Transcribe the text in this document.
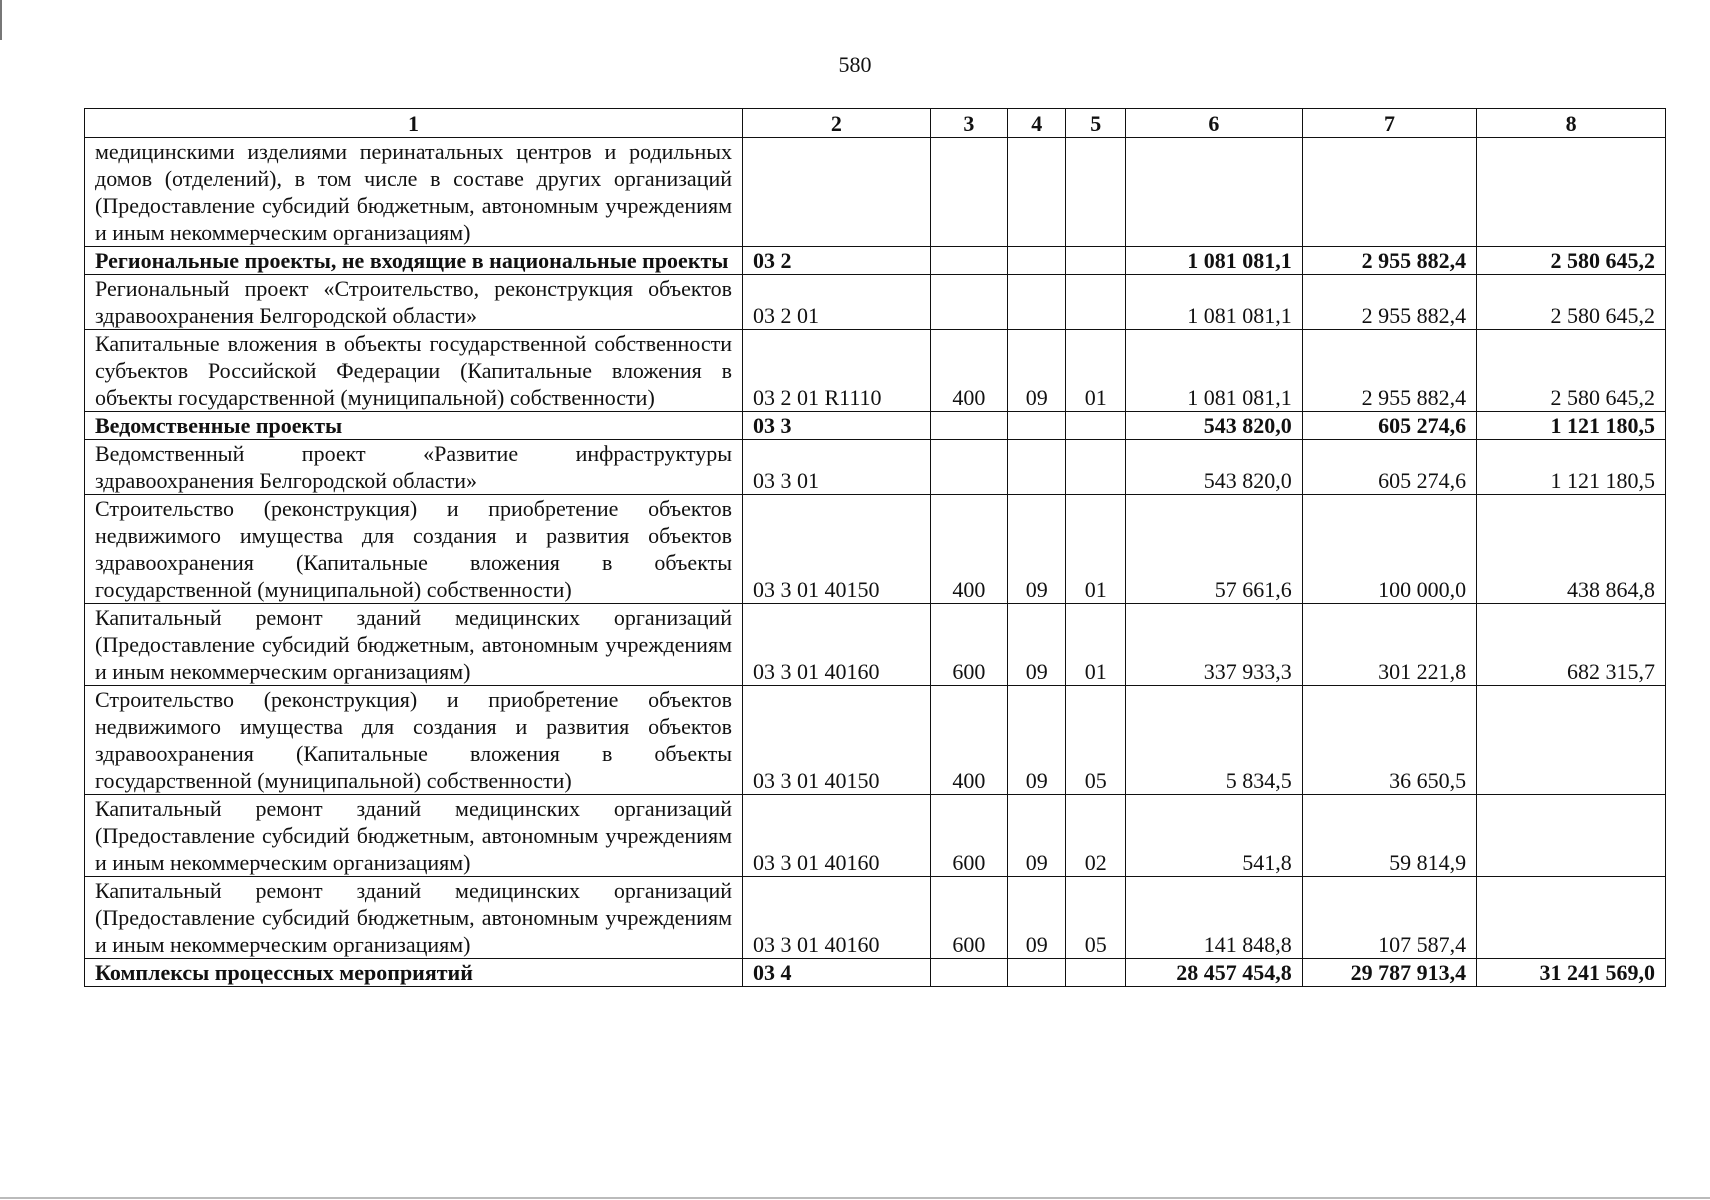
580
1	2	3	4	5	6	7	8
медицинскими изделиями перинатальных центров и родильных домов (отделений), в том числе в составе других организаций (Предоставление субсидий бюджетным, автономным учреждениям и иным некоммерческим организациям)							
Региональные проекты, не входящие в национальные проекты	03 2				1 081 081,1	2 955 882,4	2 580 645,2
Региональный проект «Строительство, реконструкция объектов здравоохранения Белгородской области»	03 2 01				1 081 081,1	2 955 882,4	2 580 645,2
Капитальные вложения в объекты государственной собственности субъектов Российской Федерации (Капитальные вложения в объекты государственной (муниципальной) собственности)	03 2 01 R1110	400	09	01	1 081 081,1	2 955 882,4	2 580 645,2
Ведомственные проекты	03 3				543 820,0	605 274,6	1 121 180,5
Ведомственный проект «Развитие инфраструктуры здравоохранения Белгородской области»	03 3 01				543 820,0	605 274,6	1 121 180,5
Строительство (реконструкция) и приобретение объектов недвижимого имущества для создания и развития объектов здравоохранения (Капитальные вложения в объекты государственной (муниципальной) собственности)	03 3 01 40150	400	09	01	57 661,6	100 000,0	438 864,8
Капитальный ремонт зданий медицинских организаций (Предоставление субсидий бюджетным, автономным учреждениям и иным некоммерческим организациям)	03 3 01 40160	600	09	01	337 933,3	301 221,8	682 315,7
Строительство (реконструкция) и приобретение объектов недвижимого имущества для создания и развития объектов здравоохранения (Капитальные вложения в объекты государственной (муниципальной) собственности)	03 3 01 40150	400	09	05	5 834,5	36 650,5	
Капитальный ремонт зданий медицинских организаций (Предоставление субсидий бюджетным, автономным учреждениям и иным некоммерческим организациям)	03 3 01 40160	600	09	02	541,8	59 814,9	
Капитальный ремонт зданий медицинских организаций (Предоставление субсидий бюджетным, автономным учреждениям и иным некоммерческим организациям)	03 3 01 40160	600	09	05	141 848,8	107 587,4	
Комплексы процессных мероприятий	03 4				28 457 454,8	29 787 913,4	31 241 569,0
